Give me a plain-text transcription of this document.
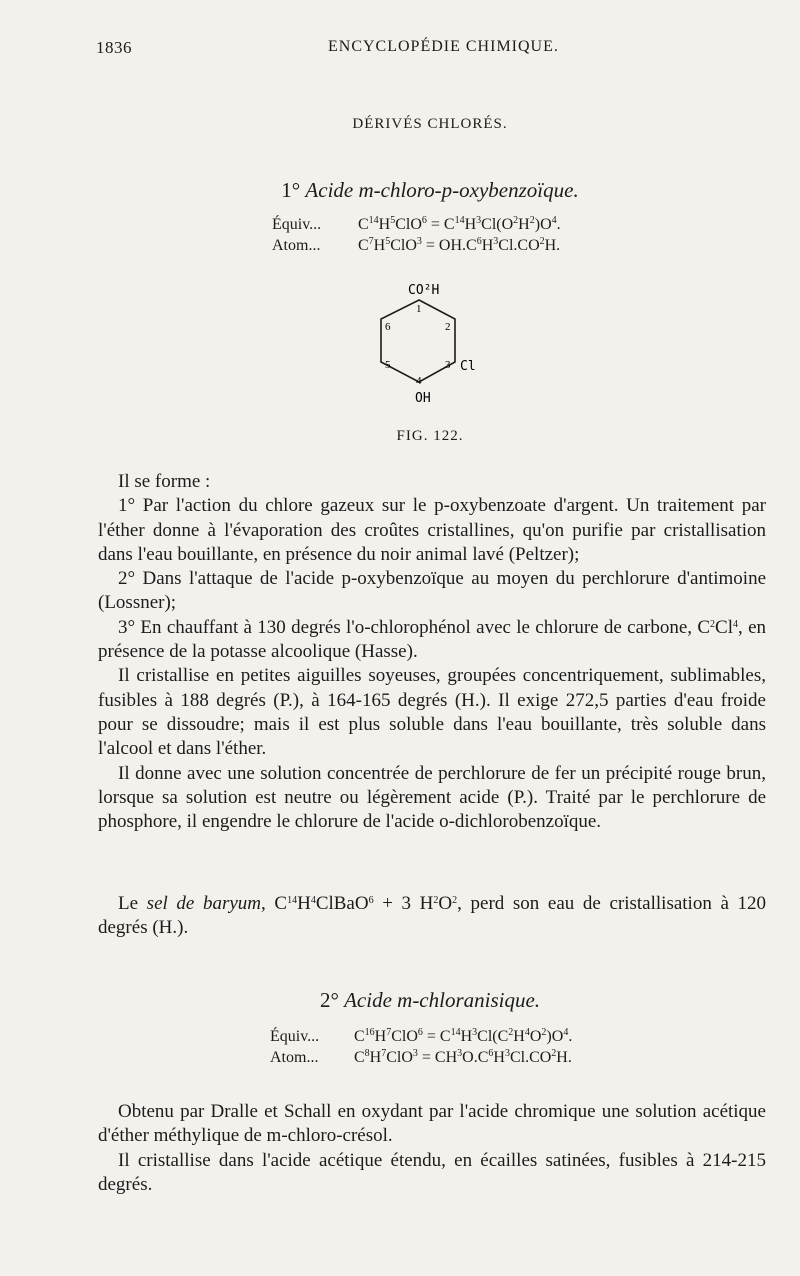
1836	ENCYCLOPÉDIE CHIMIQUE.
DÉRIVÉS CHLORÉS.
1° Acide m-chloro-p-oxybenzoïque.
Équiv... $C^{14}H^5ClO^6 = C^{14}H^3Cl(O^2H^2)O^4$.
Atom... $C^7H^5ClO^3 = OH.C^6H^3Cl.CO^2H$.
CO²H
Cl
OH
1
2
3
4
5
6
FIG. 122.

Il se forme :

1° Par l'action du chlore gazeux sur le p-oxybenzoate d'argent. Un traitement par l'éther donne à l'évaporation des croûtes cristallines, qu'on purifie par cristallisation dans l'eau bouillante, en présence du noir animal lavé (Peltzer);

2° Dans l'attaque de l'acide p-oxybenzoïque au moyen du perchlorure d'antimoine (Lossner);

3° En chauffant à 130 degrés l'o-chlorophénol avec le chlorure de carbone, $C^2Cl^4$, en présence de la potasse alcoolique (Hasse).

Il cristallise en petites aiguilles soyeuses, groupées concentriquement, sublimables, fusibles à 188 degrés (P.), à 164-165 degrés (H.). Il exige 272,5 parties d'eau froide pour se dissoudre; mais il est plus soluble dans l'eau bouillante, très soluble dans l'alcool et dans l'éther.

Il donne avec une solution concentrée de perchlorure de fer un précipité rouge brun, lorsque sa solution est neutre ou légèrement acide (P.). Traité par le perchlorure de phosphore, il engendre le chlorure de l'acide o-dichlorobenzoïque.

Le sel de baryum, $C^{14}H^4ClBaO^6 + 3$ $H^2O^2$, perd son eau de cristallisation à 120 degrés (H.).

2° Acide m-chloranisique.
Équiv... $C^{16}H^7ClO^6 = C^{14}H^3Cl(C^2H^4O^2)O^4$.
Atom... $C^8H^7ClO^3 = CH^3O.C^6H^3Cl.CO^2H$.

Obtenu par Dralle et Schall en oxydant par l'acide chromique une solution acétique d'éther méthylique de m-chloro-crésol.

Il cristallise dans l'acide acétique étendu, en écailles satinées, fusibles à 214-215 degrés.
